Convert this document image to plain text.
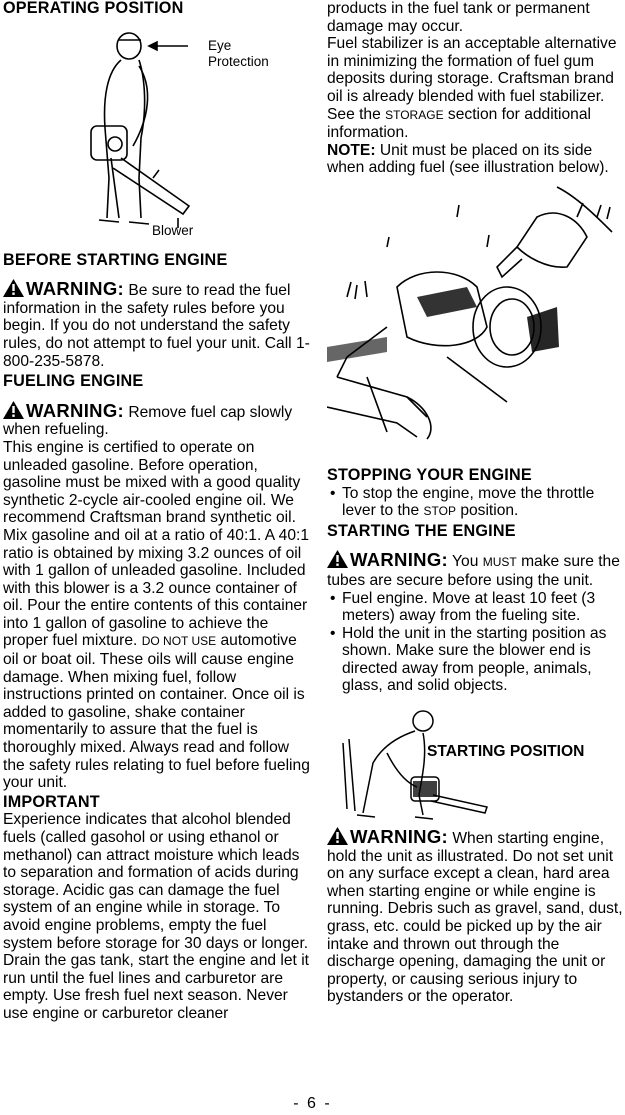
OPERATING POSITION
Eye
Protection
Blower
BEFORE STARTING ENGINE

WARNING: Be sure to read the fuel information in the safety rules before you begin. If you do not understand the safety rules, do not attempt to fuel your unit. Call 1-800-235-5878.

FUELING ENGINE

WARNING: Remove fuel cap slowly when refueling.

This engine is certified to operate on unleaded gasoline. Before operation, gasoline must be mixed with a good quality synthetic 2-cycle air-cooled engine oil. We recommend Craftsman brand synthetic oil. Mix gasoline and oil at a ratio of 40:1. A 40:1 ratio is obtained by mixing 3.2 ounces of oil with 1 gallon of unleaded gasoline. Included with this blower is a 3.2 ounce container of oil. Pour the entire contents of this container into 1 gallon of gasoline to achieve the proper fuel mixture. DO NOT USE automotive oil or boat oil. These oils will cause engine damage. When mixing fuel, follow instructions printed on container. Once oil is added to gasoline, shake container momentarily to assure that the fuel is thoroughly mixed. Always read and follow the safety rules relating to fuel before fueling your unit.

IMPORTANT

Experience indicates that alcohol blended fuels (called gasohol or using ethanol or methanol) can attract moisture which leads to separation and formation of acids during storage. Acidic gas can damage the fuel system of an engine while in storage. To avoid engine problems, empty the fuel system before storage for 30 days or longer. Drain the gas tank, start the engine and let it run until the fuel lines and carburetor are empty. Use fresh fuel next season. Never use engine or carburetor cleaner

products in the fuel tank or permanent damage may occur.

Fuel stabilizer is an acceptable alternative in minimizing the formation of fuel gum deposits during storage. Craftsman brand oil is already blended with fuel stabilizer. See the STORAGE section for additional information.

NOTE: Unit must be placed on its side when adding fuel (see illustration below).

STOPPING YOUR ENGINE
• To stop the engine, move the throttle lever to the STOP position.
STARTING THE ENGINE

WARNING: You MUST make sure the tubes are secure before using the unit.

• Fuel engine. Move at least 10 feet (3 meters) away from the fueling site.
• Hold the unit in the starting position as shown. Make sure the blower end is directed away from people, animals, glass, and solid objects.
STARTING POSITION

WARNING: When starting engine, hold the unit as illustrated. Do not set unit on any surface except a clean, hard area when starting engine or while engine is running. Debris such as gravel, sand, dust, grass, etc. could be picked up by the air intake and thrown out through the discharge opening, damaging the unit or property, or causing serious injury to bystanders or the operator.

- 6 -
